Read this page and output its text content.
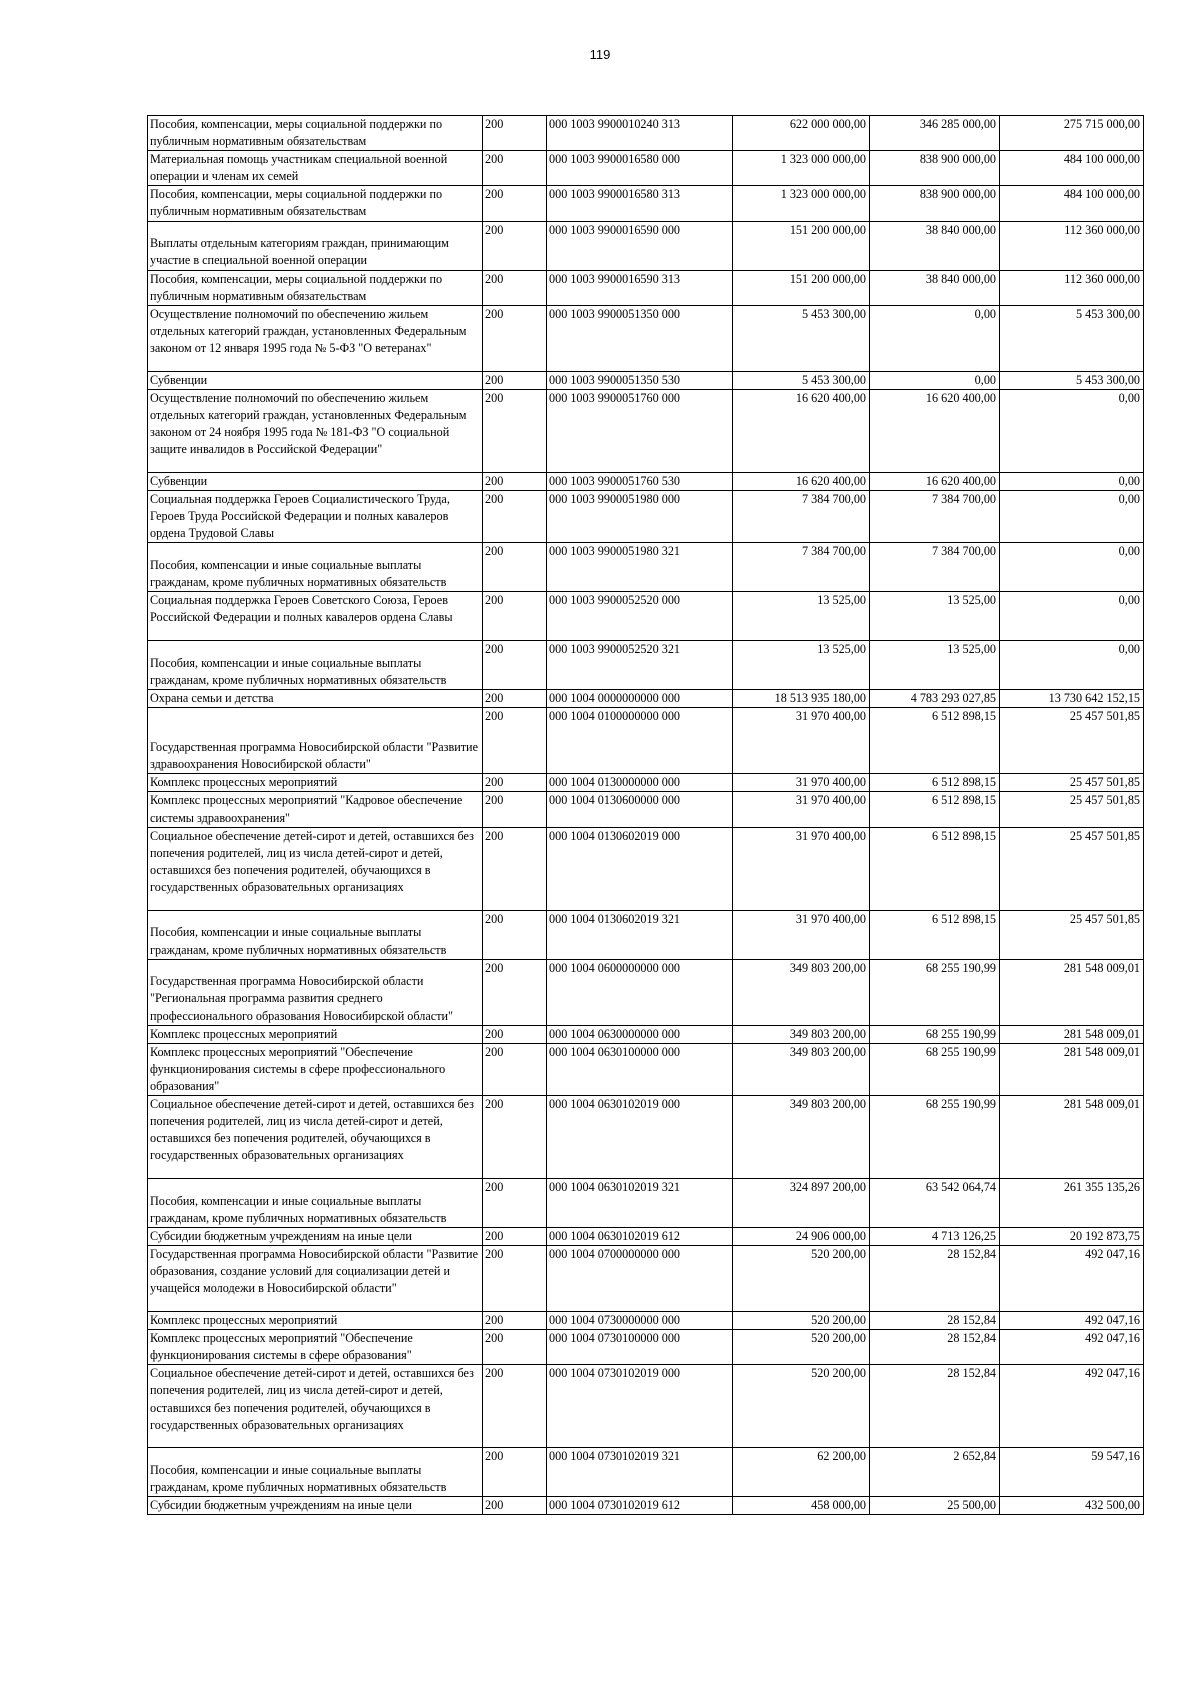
119
Пособия, компенсации, меры социальной поддержки по публичным нормативным обязательствам	200	000 1003 9900010240 313	622 000 000,00	346 285 000,00	275 715 000,00
Материальная помощь участникам специальной военной операции и членам их семей	200	000 1003 9900016580 000	1 323 000 000,00	838 900 000,00	484 100 000,00
Пособия, компенсации, меры социальной поддержки по публичным нормативным обязательствам	200	000 1003 9900016580 313	1 323 000 000,00	838 900 000,00	484 100 000,00
Выплаты отдельным категориям граждан, принимающим участие в специальной военной операции	200	000 1003 9900016590 000	151 200 000,00	38 840 000,00	112 360 000,00
Пособия, компенсации, меры социальной поддержки по публичным нормативным обязательствам	200	000 1003 9900016590 313	151 200 000,00	38 840 000,00	112 360 000,00
Осуществление полномочий по обеспечению жильем отдельных категорий граждан, установленных Федеральным законом от 12 января 1995 года № 5-ФЗ "О ветеранах"	200	000 1003 9900051350 000	5 453 300,00	0,00	5 453 300,00
Субвенции	200	000 1003 9900051350 530	5 453 300,00	0,00	5 453 300,00
Осуществление полномочий по обеспечению жильем отдельных категорий граждан, установленных Федеральным законом от 24 ноября 1995 года № 181-ФЗ "О социальной защите инвалидов в Российской Федерации"	200	000 1003 9900051760 000	16 620 400,00	16 620 400,00	0,00
Субвенции	200	000 1003 9900051760 530	16 620 400,00	16 620 400,00	0,00
Социальная поддержка Героев Социалистического Труда, Героев Труда Российской Федерации и полных кавалеров ордена Трудовой Славы	200	000 1003 9900051980 000	7 384 700,00	7 384 700,00	0,00
Пособия, компенсации и иные социальные выплаты гражданам, кроме публичных нормативных обязательств	200	000 1003 9900051980 321	7 384 700,00	7 384 700,00	0,00
Социальная поддержка Героев Советского Союза, Героев Российской Федерации и полных кавалеров ордена Славы	200	000 1003 9900052520 000	13 525,00	13 525,00	0,00
Пособия, компенсации и иные социальные выплаты гражданам, кроме публичных нормативных обязательств	200	000 1003 9900052520 321	13 525,00	13 525,00	0,00
Охрана семьи и детства	200	000 1004 0000000000 000	18 513 935 180,00	4 783 293 027,85	13 730 642 152,15
Государственная программа Новосибирской области "Развитие здравоохранения Новосибирской области"	200	000 1004 0100000000 000	31 970 400,00	6 512 898,15	25 457 501,85
Комплекс процессных мероприятий	200	000 1004 0130000000 000	31 970 400,00	6 512 898,15	25 457 501,85
Комплекс процессных мероприятий "Кадровое обеспечение системы здравоохранения"	200	000 1004 0130600000 000	31 970 400,00	6 512 898,15	25 457 501,85
Социальное обеспечение детей-сирот и детей, оставшихся без попечения родителей, лиц из числа детей-сирот и детей, оставшихся без попечения родителей, обучающихся в государственных образовательных организациях	200	000 1004 0130602019 000	31 970 400,00	6 512 898,15	25 457 501,85
Пособия, компенсации и иные социальные выплаты гражданам, кроме публичных нормативных обязательств	200	000 1004 0130602019 321	31 970 400,00	6 512 898,15	25 457 501,85
Государственная программа Новосибирской области "Региональная программа развития среднего профессионального образования Новосибирской области"	200	000 1004 0600000000 000	349 803 200,00	68 255 190,99	281 548 009,01
Комплекс процессных мероприятий	200	000 1004 0630000000 000	349 803 200,00	68 255 190,99	281 548 009,01
Комплекс процессных мероприятий "Обеспечение функционирования системы в сфере профессионального образования"	200	000 1004 0630100000 000	349 803 200,00	68 255 190,99	281 548 009,01
Социальное обеспечение детей-сирот и детей, оставшихся без попечения родителей, лиц из числа детей-сирот и детей, оставшихся без попечения родителей, обучающихся в государственных образовательных организациях	200	000 1004 0630102019 000	349 803 200,00	68 255 190,99	281 548 009,01
Пособия, компенсации и иные социальные выплаты гражданам, кроме публичных нормативных обязательств	200	000 1004 0630102019 321	324 897 200,00	63 542 064,74	261 355 135,26
Субсидии бюджетным учреждениям на иные цели	200	000 1004 0630102019 612	24 906 000,00	4 713 126,25	20 192 873,75
Государственная программа Новосибирской области "Развитие образования, создание условий для социализации детей и учащейся молодежи в Новосибирской области"	200	000 1004 0700000000 000	520 200,00	28 152,84	492 047,16
Комплекс процессных мероприятий	200	000 1004 0730000000 000	520 200,00	28 152,84	492 047,16
Комплекс процессных мероприятий "Обеспечение функционирования системы в сфере образования"	200	000 1004 0730100000 000	520 200,00	28 152,84	492 047,16
Социальное обеспечение детей-сирот и детей, оставшихся без попечения родителей, лиц из числа детей-сирот и детей, оставшихся без попечения родителей, обучающихся в государственных образовательных организациях	200	000 1004 0730102019 000	520 200,00	28 152,84	492 047,16
Пособия, компенсации и иные социальные выплаты гражданам, кроме публичных нормативных обязательств	200	000 1004 0730102019 321	62 200,00	2 652,84	59 547,16
Субсидии бюджетным учреждениям на иные цели	200	000 1004 0730102019 612	458 000,00	25 500,00	432 500,00
